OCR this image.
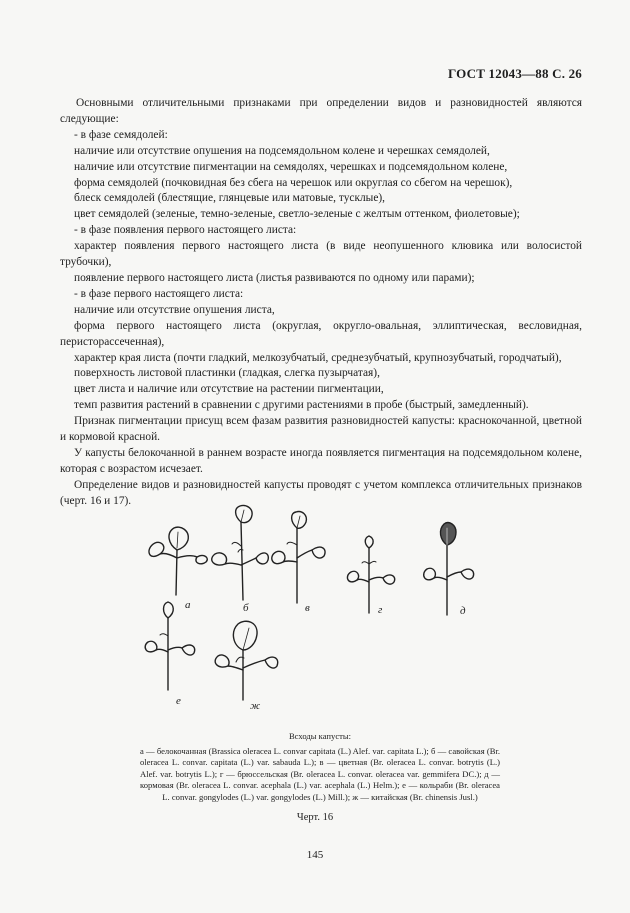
ГОСТ 12043—88 С. 26

Основными отличительными признаками при определении видов и разновидностей являются следующие:

- в фазе семядолей:

наличие или отсутствие опушения на подсемядольном колене и черешках семядолей,

наличие или отсутствие пигментации на семядолях, черешках и подсемядольном колене,

форма семядолей (почковидная без сбега на черешок или округлая со сбегом на черешок),

блеск семядолей (блестящие, глянцевые или матовые, тусклые),

цвет семядолей (зеленые, темно-зеленые, светло-зеленые с желтым оттенком, фиолетовые);

- в фазе появления первого настоящего листа:

характер появления первого настоящего листа (в виде неопушенного клювика или волосистой трубочки),

появление первого настоящего листа (листья развиваются по одному или парами);

- в фазе первого настоящего листа:

наличие или отсутствие опушения листа,

форма первого настоящего листа (округлая, округло-овальная, эллиптическая, весловидная, перисторассеченная),

характер края листа (почти гладкий, мелкозубчатый, среднезубчатый, крупнозубчатый, городчатый),

поверхность листовой пластинки (гладкая, слегка пузырчатая),

цвет листа и наличие или отсутствие на растении пигментации,

темп развития растений в сравнении с другими растениями в пробе (быстрый, замедленный).

Признак пигментации присущ всем фазам развития разновидностей капусты: краснокочанной, цветной и кормовой красной.

У капусты белокочанной в раннем возрасте иногда появляется пигментация на подсемядольном колене, которая с возрастом исчезает.

Определение видов и разновидностей капусты проводят с учетом комплекса отличительных признаков (черт. 16 и 17).

а	б	в	г	д
е	ж
Всходы капусты:
а — белокочанная (Brassica oleracea L. convar capitata (L.) Alef. var. capitata L.); б — савойская (Br. oleracea L. convar. capitata (L.) var. sabauda L.); в — цветная (Br. oleracea L. convar. botrytis (L.) Alef. var. botrytis L.); г — брюссельская (Br. oleracea L. convar. oleracea var. gemmifera DC.); д — кормовая (Br. oleracea L. convar. acephala (L.) var. acephala (L.) Helm.); е — кольраби (Br. oleracea L. convar. gongylodes (L.) var. gongylodes (L.) Mill.); ж — китайская (Br. chinensis Jusl.)
Черт. 16
145
